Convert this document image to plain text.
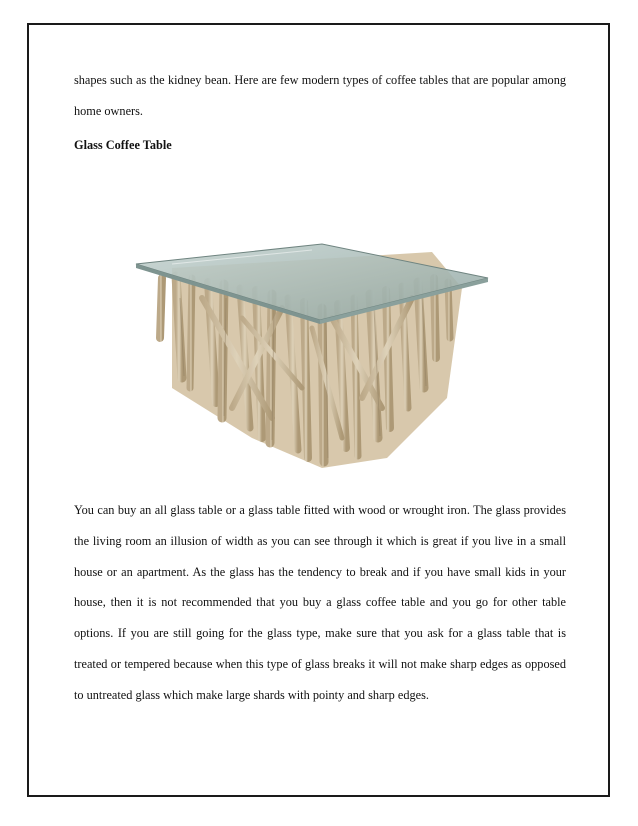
shapes such as the kidney bean. Here are few modern types of coffee tables that are popular among home owners.

Glass Coffee Table

You can buy an all glass table or a glass table fitted with wood or wrought iron. The glass provides the living room an illusion of width as you can see through it which is great if you live in a small house or an apartment. As the glass has the tendency to break and if you have small kids in your house, then it is not recommended that you buy a glass coffee table and you go for other table options. If you are still going for the glass type, make sure that you ask for a glass table that is treated or tempered because when this type of glass breaks it will not make sharp edges as opposed to untreated glass which make large shards with pointy and sharp edges.
